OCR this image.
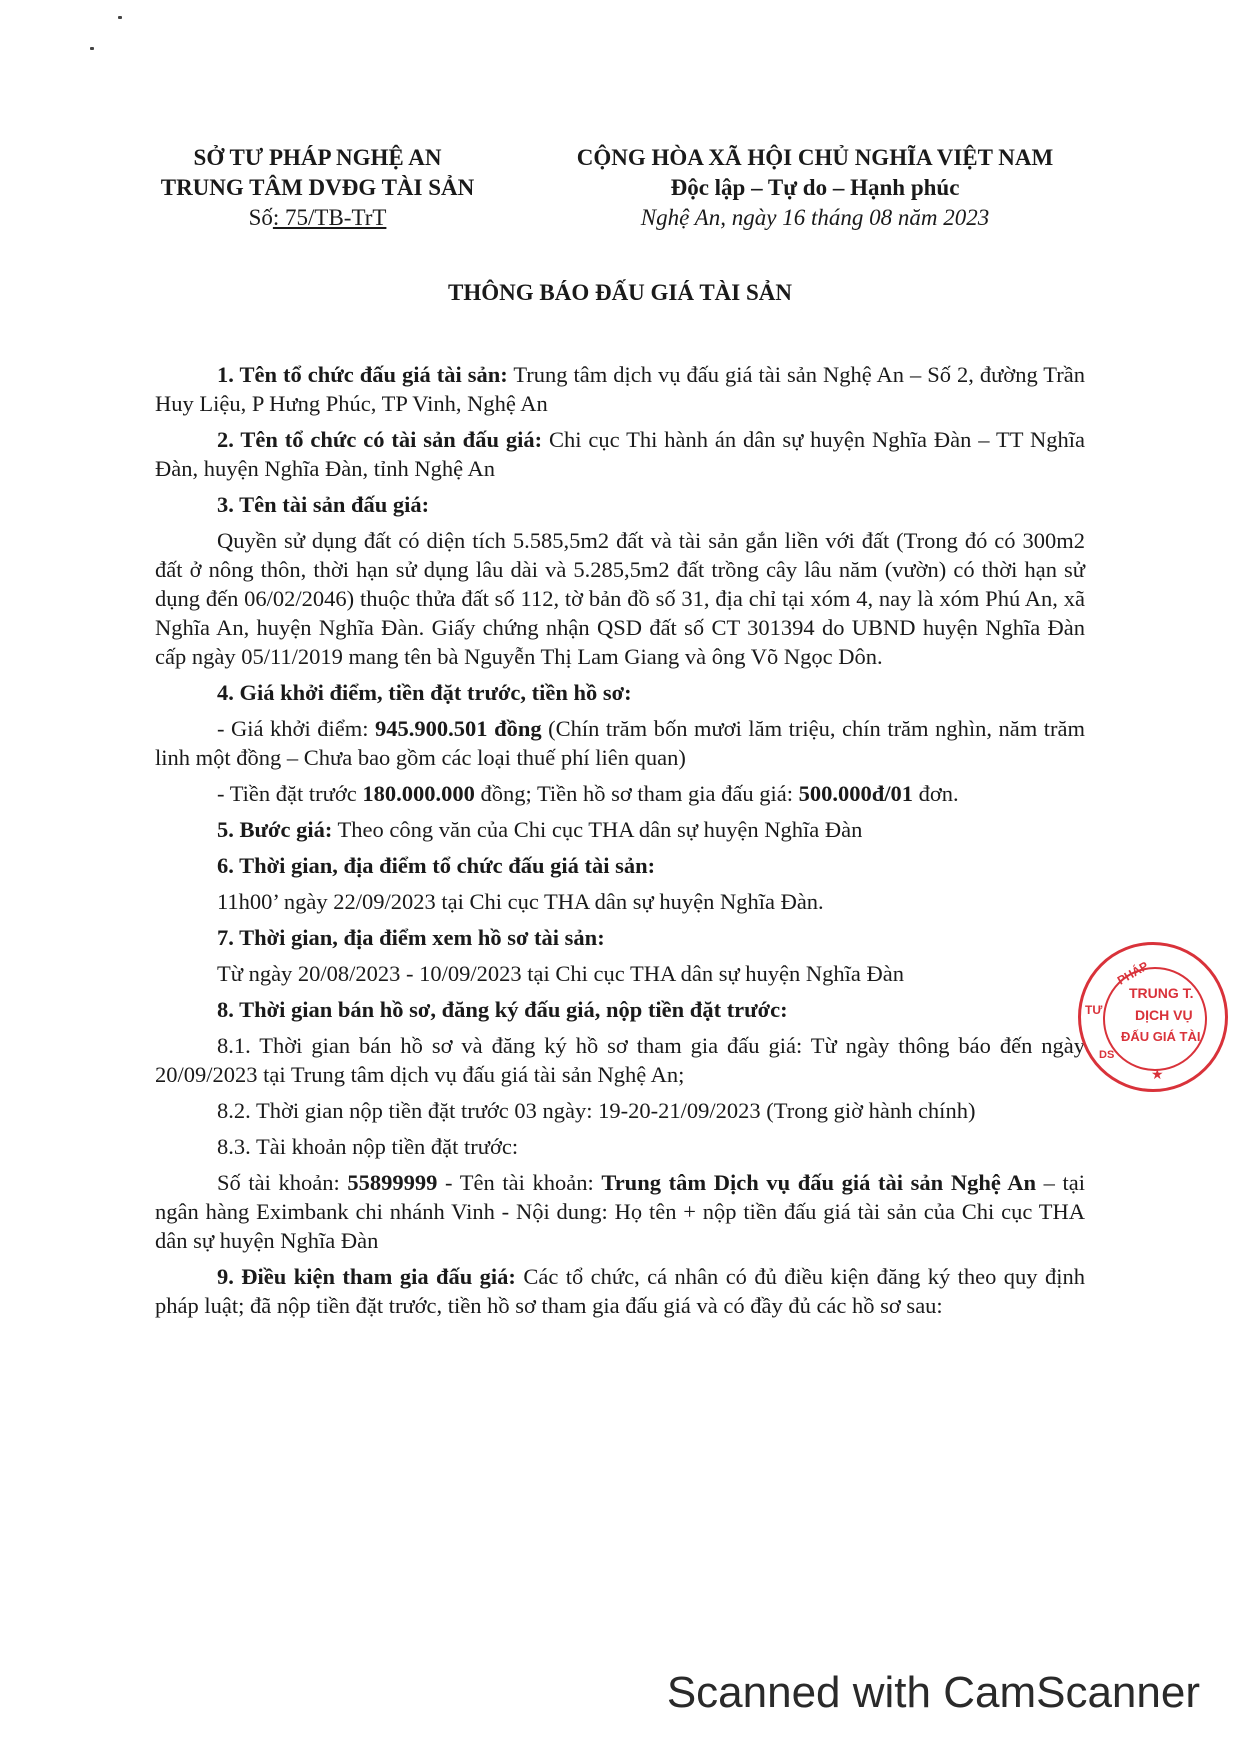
SỞ TƯ PHÁP NGHỆ AN
TRUNG TÂM DVĐG TÀI SẢN
Số: 75/TB-TrT
CỘNG HÒA XÃ HỘI CHỦ NGHĨA VIỆT NAM
Độc lập – Tự do – Hạnh phúc
Nghệ An, ngày 16 tháng 08 năm 2023
THÔNG BÁO ĐẤU GIÁ TÀI SẢN

1. Tên tổ chức đấu giá tài sản: Trung tâm dịch vụ đấu giá tài sản Nghệ An – Số 2, đường Trần Huy Liệu, P Hưng Phúc, TP Vinh, Nghệ An

2. Tên tổ chức có tài sản đấu giá: Chi cục Thi hành án dân sự huyện Nghĩa Đàn – TT Nghĩa Đàn, huyện Nghĩa Đàn, tỉnh Nghệ An

3. Tên tài sản đấu giá:

Quyền sử dụng đất có diện tích 5.585,5m2 đất và tài sản gắn liền với đất (Trong đó có 300m2 đất ở nông thôn, thời hạn sử dụng lâu dài và 5.285,5m2 đất trồng cây lâu năm (vườn) có thời hạn sử dụng đến 06/02/2046) thuộc thửa đất số 112, tờ bản đồ số 31, địa chỉ tại xóm 4, nay là xóm Phú An, xã Nghĩa An, huyện Nghĩa Đàn. Giấy chứng nhận QSD đất số CT 301394 do UBND huyện Nghĩa Đàn cấp ngày 05/11/2019 mang tên bà Nguyễn Thị Lam Giang và ông Võ Ngọc Dôn.

4. Giá khởi điểm, tiền đặt trước, tiền hồ sơ:

- Giá khởi điểm: 945.900.501 đồng (Chín trăm bốn mươi lăm triệu, chín trăm nghìn, năm trăm linh một đồng – Chưa bao gồm các loại thuế phí liên quan)

- Tiền đặt trước 180.000.000 đồng; Tiền hồ sơ tham gia đấu giá: 500.000đ/01 đơn.

5. Bước giá: Theo công văn của Chi cục THA dân sự huyện Nghĩa Đàn

6. Thời gian, địa điểm tổ chức đấu giá tài sản:

11h00’ ngày 22/09/2023 tại Chi cục THA dân sự huyện Nghĩa Đàn.

7. Thời gian, địa điểm xem hồ sơ tài sản:

Từ ngày 20/08/2023 - 10/09/2023 tại Chi cục THA dân sự huyện Nghĩa Đàn

8. Thời gian bán hồ sơ, đăng ký đấu giá, nộp tiền đặt trước:

8.1. Thời gian bán hồ sơ và đăng ký hồ sơ tham gia đấu giá: Từ ngày thông báo đến ngày 20/09/2023 tại Trung tâm dịch vụ đấu giá tài sản Nghệ An;

8.2. Thời gian nộp tiền đặt trước 03 ngày: 19-20-21/09/2023 (Trong giờ hành chính)

8.3. Tài khoản nộp tiền đặt trước:

Số tài khoản: 55899999 - Tên tài khoản: Trung tâm Dịch vụ đấu giá tài sản Nghệ An – tại ngân hàng Eximbank chi nhánh Vinh - Nội dung: Họ tên + nộp tiền đấu giá tài sản của Chi cục THA dân sự huyện Nghĩa Đàn

9. Điều kiện tham gia đấu giá: Các tổ chức, cá nhân có đủ điều kiện đăng ký theo quy định pháp luật; đã nộp tiền đặt trước, tiền hồ sơ tham gia đấu giá và có đầy đủ các hồ sơ sau:

PHÁP
TRUNG T.
DỊCH VỤ
ĐẤU GIÁ TÀI
TƯ
DS
★
Scanned with CamScanner
